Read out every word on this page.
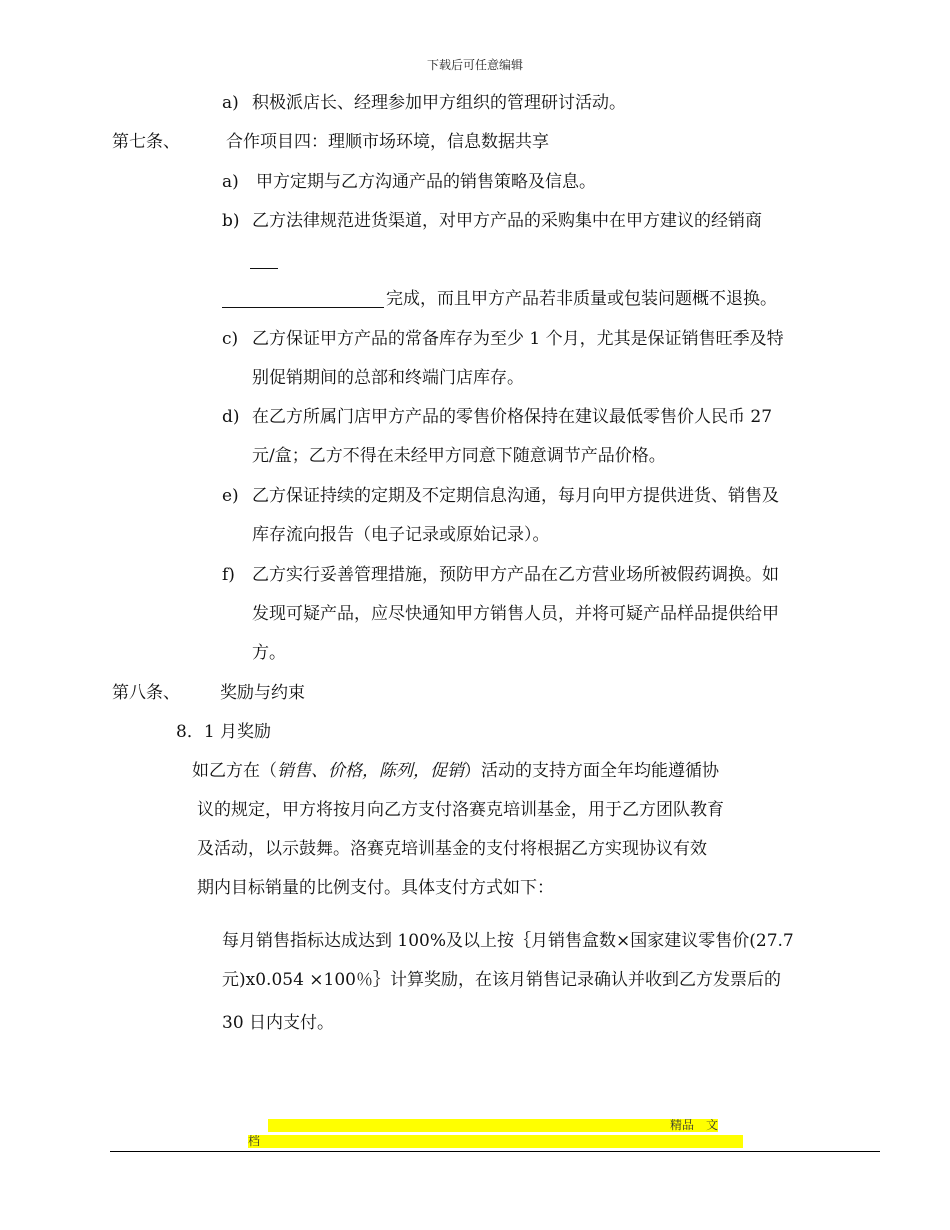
下载后可任意编辑
a) 积极派店长、经理参加甲方组织的管理研讨活动。
第七条、	合作项目四：理顺市场环境，信息数据共享
a) 甲方定期与乙方沟通产品的销售策略及信息。
b) 乙方法律规范进货渠道，对甲方产品的采购集中在甲方建议的经销商
完成，而且甲方产品若非质量或包装问题概不退换。
c) 乙方保证甲方产品的常备库存为至少 1 个月，尤其是保证销售旺季及特
别促销期间的总部和终端门店库存。
d) 在乙方所属门店甲方产品的零售价格保持在建议最低零售价人民币 27
元/盒；乙方不得在未经甲方同意下随意调节产品价格。
e) 乙方保证持续的定期及不定期信息沟通，每月向甲方提供进货、销售及
库存流向报告（电子记录或原始记录）。
f) 乙方实行妥善管理措施，预防甲方产品在乙方营业场所被假药调换。如
发现可疑产品，应尽快通知甲方销售人员，并将可疑产品样品提供给甲
方。
第八条、 奖励与约束
8．1 月奖励
如乙方在（销售、价格，陈列，促销）活动的支持方面全年均能遵循协
议的规定，甲方将按月向乙方支付洛赛克培训基金，用于乙方团队教育
及活动，以示鼓舞。洛赛克培训基金的支付将根据乙方实现协议有效
期内目标销量的比例支付。具体支付方式如下：
每月销售指标达成达到 100%及以上按｛月销售盒数×国家建议零售价(27.7
元)x0.054 ×100％｝计算奖励，在该月销售记录确认并收到乙方发票后的
30 日内支付。
精品　文
档
